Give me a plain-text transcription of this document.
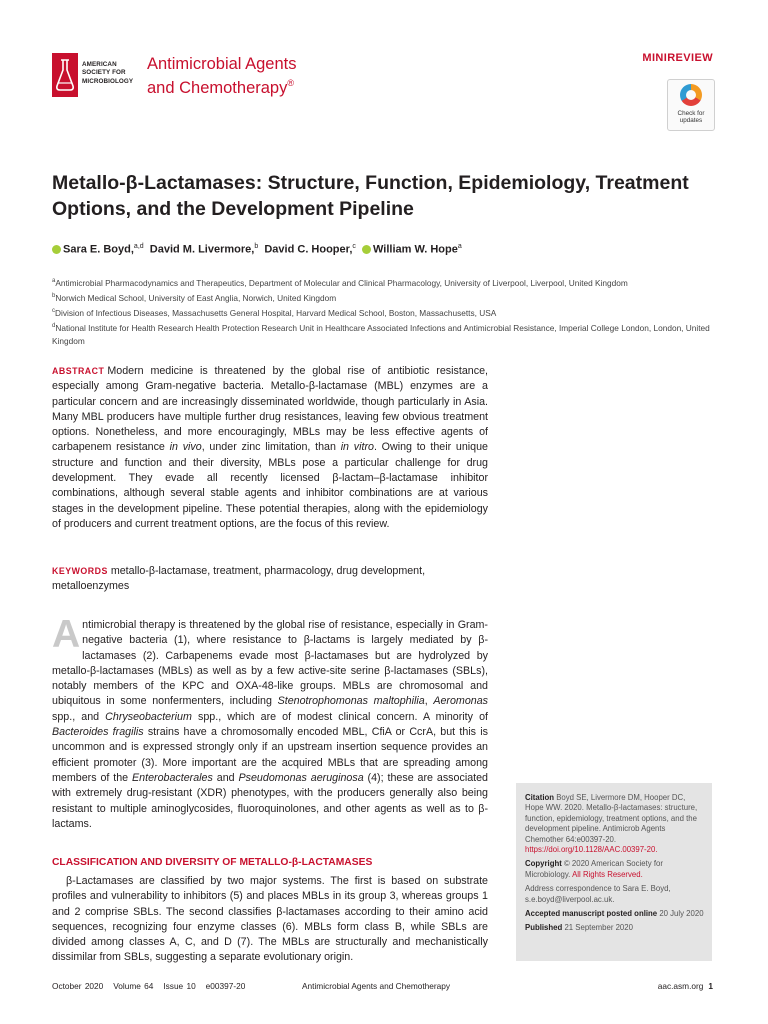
AMERICAN
SOCIETY FOR
MICROBIOLOGY
Antimicrobial Agents
and Chemotherapy®
MINIREVIEW
Check for
updates
Metallo-β-Lactamases: Structure, Function, Epidemiology, Treatment Options, and the Development Pipeline
Sara E. Boyd,$^{a,d}$ David M. Livermore,$^b$ David C. Hooper,$^c$ William W. Hope$^a$
$^a$Antimicrobial Pharmacodynamics and Therapeutics, Department of Molecular and Clinical Pharmacology, University of Liverpool, Liverpool, United Kingdom
$^b$Norwich Medical School, University of East Anglia, Norwich, United Kingdom
$^c$Division of Infectious Diseases, Massachusetts General Hospital, Harvard Medical School, Boston, Massachusetts, USA
$^d$National Institute for Health Research Health Protection Research Unit in Healthcare Associated Infections and Antimicrobial Resistance, Imperial College London, London, United Kingdom
ABSTRACT Modern medicine is threatened by the global rise of antibiotic resistance, especially among Gram-negative bacteria. Metallo-β-lactamase (MBL) enzymes are a particular concern and are increasingly disseminated worldwide, though particularly in Asia. Many MBL producers have multiple further drug resistances, leaving few obvious treatment options. Nonetheless, and more encouragingly, MBLs may be less effective agents of carbapenem resistance in vivo, under zinc limitation, than in vitro. Owing to their unique structure and function and their diversity, MBLs pose a particular challenge for drug development. They evade all recently licensed β-lactam–β-lactamase inhibitor combinations, although several stable agents and inhibitor combinations are at various stages in the development pipeline. These potential therapies, along with the epidemiology of producers and current treatment options, are the focus of this review.
KEYWORDS metallo-β-lactamase, treatment, pharmacology, drug development, metalloenzymes
Antimicrobial therapy is threatened by the global rise of resistance, especially in Gram-negative bacteria (1), where resistance to β-lactams is largely mediated by β-lactamases (2). Carbapenems evade most β-lactamases but are hydrolyzed by metallo-β-lactamases (MBLs) as well as by a few active-site serine β-lactamases (SBLs), notably members of the KPC and OXA-48-like groups. MBLs are chromosomal and ubiquitous in some nonfermenters, including Stenotrophomonas maltophilia, Aeromonas spp., and Chryseobacterium spp., which are of modest clinical concern. A minority of Bacteroides fragilis strains have a chromosomally encoded MBL, CfiA or CcrA, but this is uncommon and is expressed strongly only if an upstream insertion sequence provides an efficient promoter (3). More important are the acquired MBLs that are spreading among members of the Enterobacterales and Pseudomonas aeruginosa (4); these are associated with extremely drug-resistant (XDR) phenotypes, with the producers generally also being resistant to multiple aminoglycosides, fluoroquinolones, and other agents as well as to β-lactams.
CLASSIFICATION AND DIVERSITY OF METALLO-β-LACTAMASES
β-Lactamases are classified by two major systems. The first is based on substrate profiles and vulnerability to inhibitors (5) and places MBLs in its group 3, whereas groups 1 and 2 comprise SBLs. The second classifies β-lactamases according to their amino acid sequences, recognizing four enzyme classes (6). MBLs form class B, while SBLs are divided among classes A, C, and D (7). The MBLs are structurally and mechanistically dissimilar from SBLs, suggesting a separate evolutionary origin.

Citation Boyd SE, Livermore DM, Hooper DC, Hope WW. 2020. Metallo-β-lactamases: structure, function, epidemiology, treatment options, and the development pipeline. Antimicrob Agents Chemother 64:e00397-20.
https://doi.org/10.1128/AAC.00397-20.

Copyright © 2020 American Society for Microbiology. All Rights Reserved.

Address correspondence to Sara E. Boyd, s.e.boyd@liverpool.ac.uk.

Accepted manuscript posted online 20 July 2020

Published 21 September 2020

October 2020 Volume 64 Issue 10 e00397-20	Antimicrobial Agents and Chemotherapy	aac.asm.org 1
